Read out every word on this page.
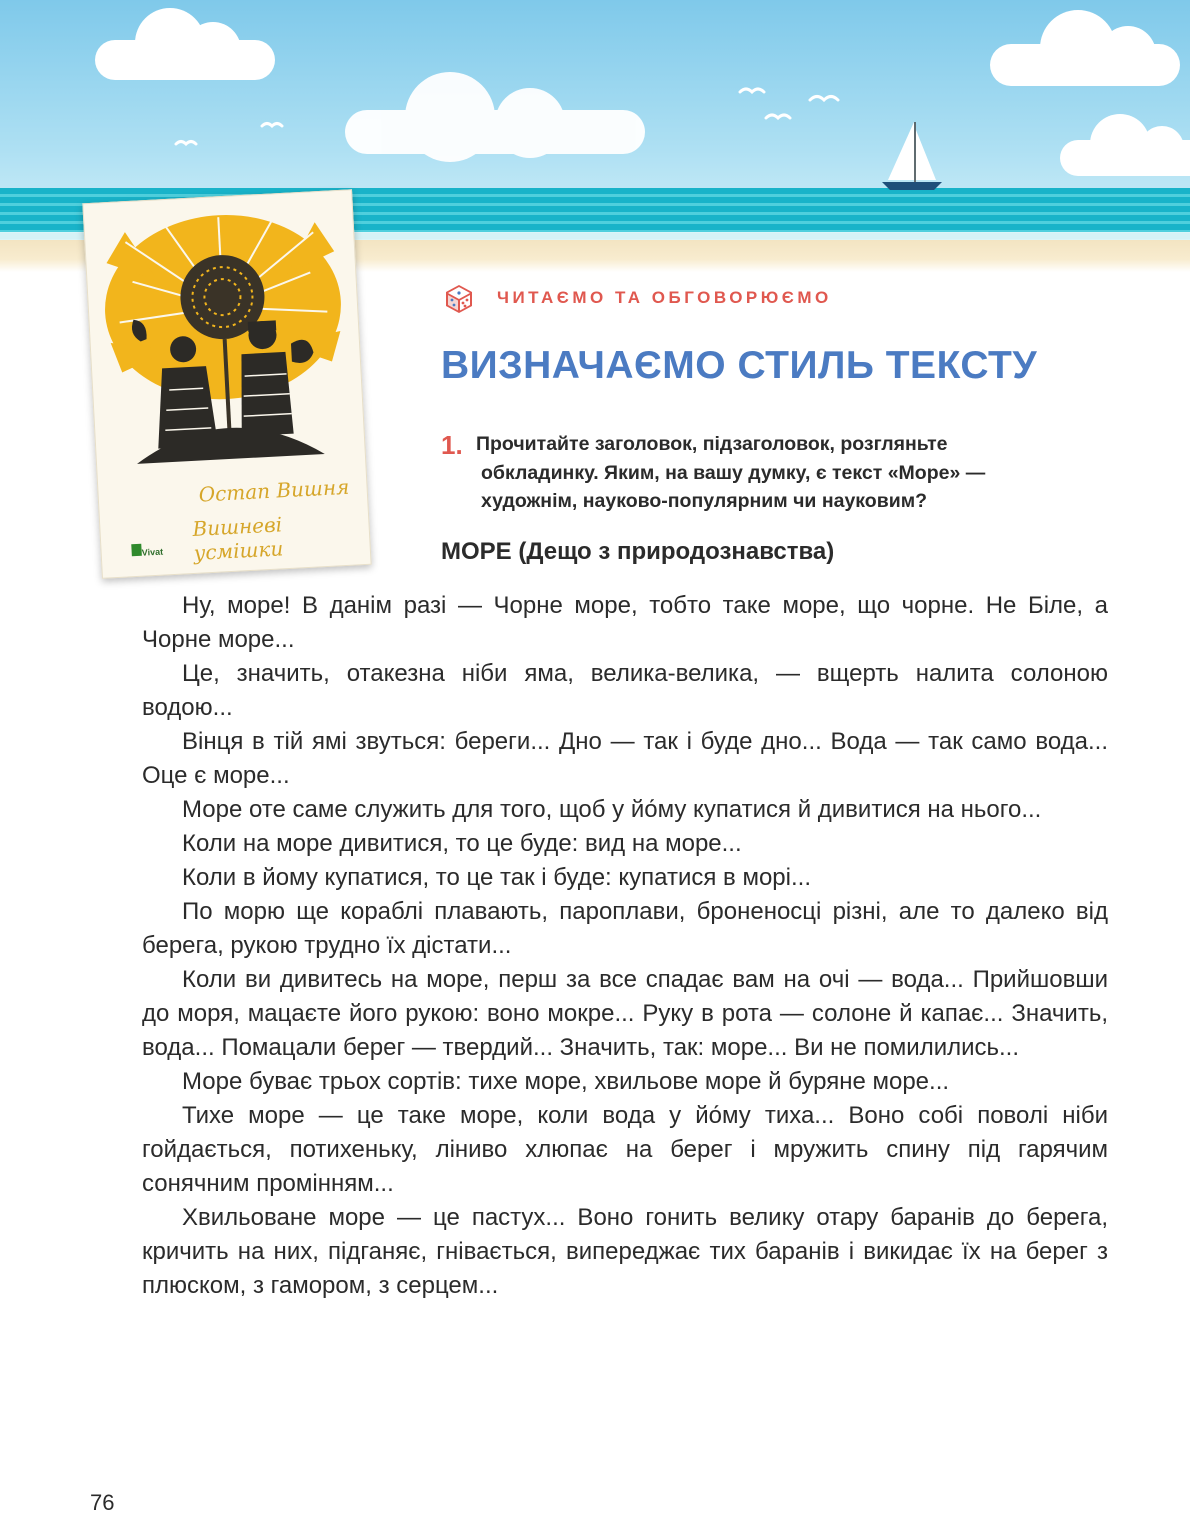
Остап Вишня
Вишневі усмішки
Vivat
ЧИТАЄМО ТА ОБГОВОРЮЄМО
ВИЗНАЧАЄМО СТИЛЬ ТЕКСТУ
1. Прочитайте заголовок, підзаголовок, розгляньте
обкладинку. Яким, на вашу думку, є текст «Море» — художнім, науково-популярним чи науковим?

МОРЕ (Дещо з природознавства)

Ну, море! В данім разі — Чорне море, тобто таке море, що чорне. Не Біле, а Чорне море...

Це, значить, отакезна ніби яма, велика-велика, — вщерть налита солоною водою...

Вінця в тій ямі звуться: береги... Дно — так і буде дно... Вода — так само вода... Оце є море...

Море оте саме служить для того, щоб у йо́му купатися й дивитися на нього...

Коли на море дивитися, то це буде: вид на море...

Коли в йому купатися, то це так і буде: купатися в морі...

По морю ще кораблі плавають, пароплави, броненосці різні, але то далеко від берега, рукою трудно їх дістати...

Коли ви дивитесь на море, перш за все спадає вам на очі — вода... Прийшовши до моря, мацаєте його рукою: воно мокре... Руку в рота — солоне й капає... Значить, вода... Помацали берег — твердий... Значить, так: море... Ви не помилились...

Море буває трьох сортів: тихе море, хвильове море й буряне море...

Тихе море — це таке море, коли вода у йо́му тиха... Воно собі поволі ніби гойдається, потихеньку, ліниво хлюпає на берег і мружить спину під гарячим сонячним промінням...

Хвильоване море — це пастух... Воно гонить велику отару баранів до берега, кричить на них, підганяє, гнівається, випереджає тих баранів і викидає їх на берег з плюском, з гамором, з серцем...

76
